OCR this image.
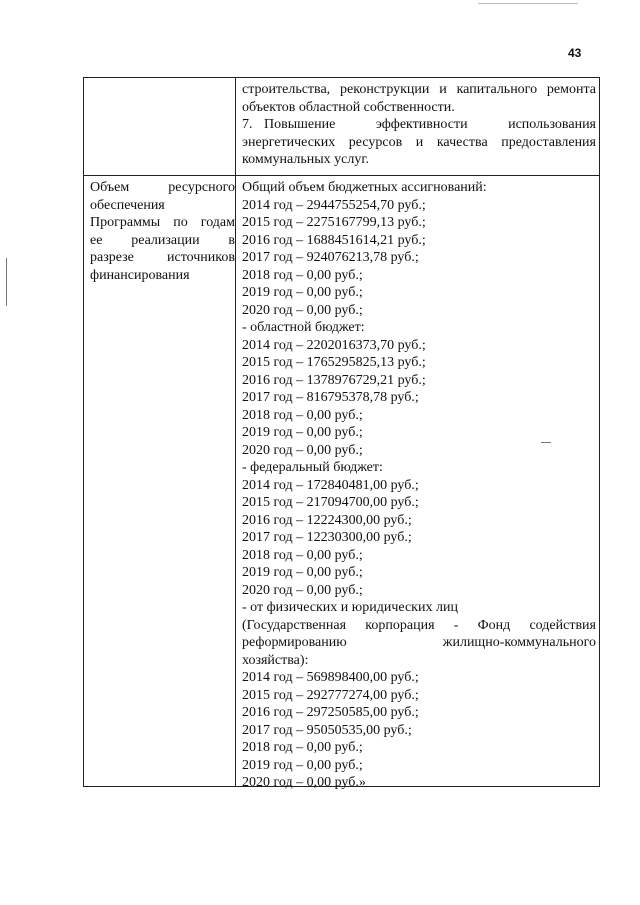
43
строительства, реконструкции и капитального ремонта
объектов областной собственности.
7. Повышение эффективности использования
энергетических ресурсов и качества предоставления
коммунальных услуг.
Объем ресурсного
обеспечения
Программы по годам
ее реализации в
разрезе источников
финансирования
Общий объем бюджетных ассигнований:
2014 год – 2944755254,70 руб.;
2015 год – 2275167799,13 руб.;
2016 год – 1688451614,21 руб.;
2017 год – 924076213,78 руб.;
2018 год – 0,00 руб.;
2019 год – 0,00 руб.;
2020 год – 0,00 руб.;
- областной бюджет:
2014 год – 2202016373,70 руб.;
2015 год – 1765295825,13 руб.;
2016 год – 1378976729,21 руб.;
2017 год – 816795378,78 руб.;
2018 год – 0,00 руб.;
2019 год – 0,00 руб.;
2020 год – 0,00 руб.;
- федеральный бюджет:
2014 год – 172840481,00 руб.;
2015 год – 217094700,00 руб.;
2016 год – 12224300,00 руб.;
2017 год – 12230300,00 руб.;
2018 год – 0,00 руб.;
2019 год – 0,00 руб.;
2020 год – 0,00 руб.;
- от физических и юридических лиц
(Государственная корпорация - Фонд содействия
реформированию жилищно-коммунального
хозяйства):
2014 год – 569898400,00 руб.;
2015 год – 292777274,00 руб.;
2016 год – 297250585,00 руб.;
2017 год – 95050535,00 руб.;
2018 год – 0,00 руб.;
2019 год – 0,00 руб.;
2020 год – 0,00 руб.»
